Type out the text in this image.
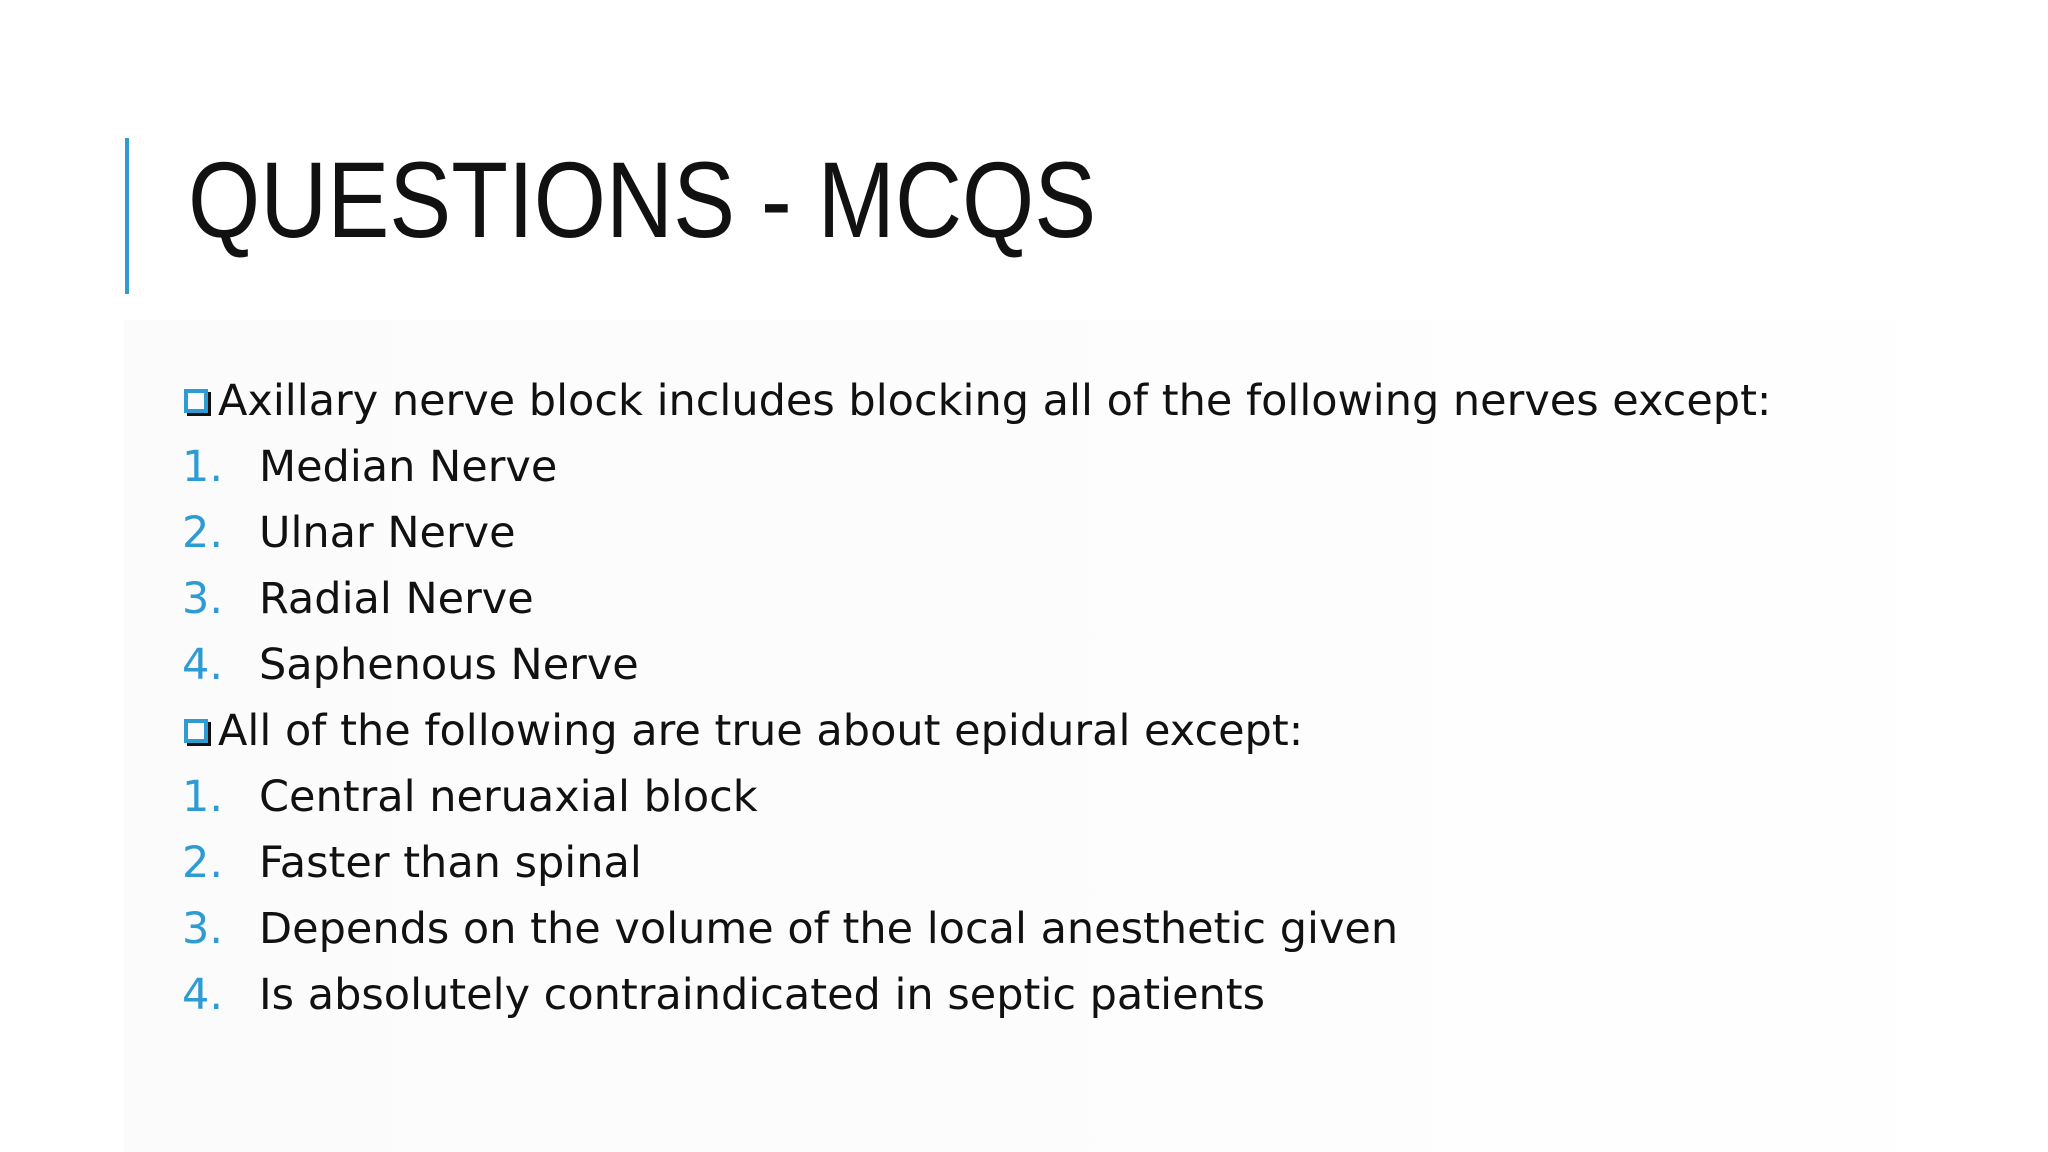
QUESTIONS - MCQS
Axillary nerve block includes blocking all of the following nerves except:
1. Median Nerve
2. Ulnar Nerve
3. Radial Nerve
4. Saphenous Nerve
All of the following are true about epidural except:
1. Central neruaxial block
2. Faster than spinal
3. Depends on the volume of the local anesthetic given
4. Is absolutely contraindicated in septic patients
